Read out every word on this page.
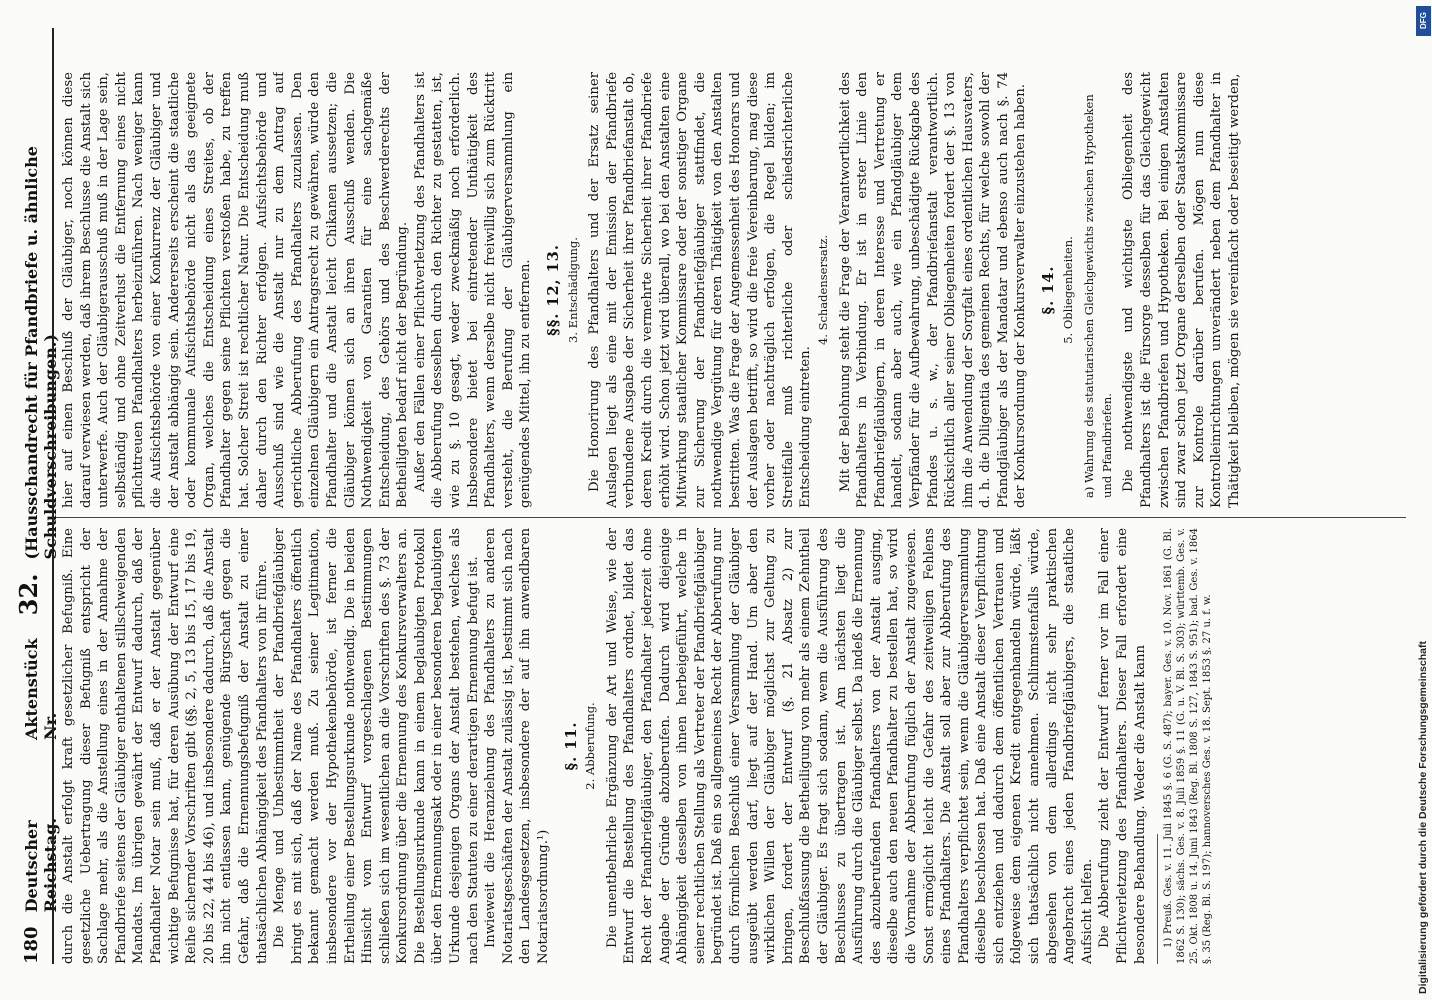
180
Deutscher Reichstag.
Aktenstück Nr.
32.
(Hausschandrecht für Pfandbriefe u. ähnliche Schuldverschreibungen.)

durch die Anstalt erfolgt kraft gesetzlicher Befugniß. Eine gesetzliche Uebertragung dieser Befugniß entspricht der Sachlage mehr, als die Anstellung eines in der Annahme der Pfandbriefe seitens der Gläubiger enthaltenen stillschweigenden Mandats. Im übrigen gewährt der Entwurf dadurch, daß der Pfandhalter Notar sein muß, daß er der Anstalt gegenüber wichtige Befugnisse hat, für deren Ausübung der Entwurf eine Reihe sichernder Vorschriften gibt (§§. 2, 5, 13 bis 15, 17 bis 19, 20 bis 22, 44 bis 46), und insbesondere dadurch, daß die Anstalt ihn nicht entlassen kann, genügende Bürgschaft gegen die Gefahr, daß die Ernennungsbefugniß der Anstalt zu einer thatsächlichen Abhängigkeit des Pfandhalters von ihr führe. Die Menge und Unbestimmtheit der Pfandbriefgläubiger bringt es mit sich, daß der Name des Pfandhalters öffentlich bekannt gemacht werden muß. Zu seiner Legitimation, insbesondere vor der Hypothekenbehörde, ist ferner die Ertheilung einer Bestellungsurkunde nothwendig. Die in beiden Hinsicht vom Entwurf vorgeschlagenen Bestimmungen schließen sich im wesentlichen an die Vorschriften des §. 73 der Konkursordnung über die Ernennung des Konkursverwalters an. Die Bestellungsurkunde kann in einem beglaubigten Protokoll über den Ernennungsakt oder in einer besonderen beglaubigten Urkunde desjenigen Organs der Anstalt bestehen, welches als nach den Statuten zu einer derartigen Ernennung befugt ist. Inwieweit die Heranziehung des Pfandhalters zu anderen Notariatsgeschäften der Anstalt zulässig ist, bestimmt sich nach den Landesgesetzen, insbesondere der auf ihn anwendbaren Notariatsordnung.¹)

§. 11. 2. Abberufung. Die unentbehrliche Ergänzung der Art und Weise, wie der Entwurf die Bestellung des Pfandhalters ordnet, bildet das Recht der Pfandbriefgläubiger, den Pfandhalter jederzeit ohne Angabe der Gründe abzuberufen. Dadurch wird diejenige Abhängigkeit desselben von ihnen herbeigeführt, welche in seiner rechtlichen Stellung als Vertreter der Pfandbriefgläubiger begründet ist. Daß ein so allgemeines Recht der Abberufung nur durch förmlichen Beschluß einer Versammlung der Gläubiger ausgeübt werden darf, liegt auf der Hand. Um aber den wirklichen Willen der Gläubiger möglichst zur Geltung zu bringen, fordert der Entwurf (§. 21 Absatz 2) zur Beschlußfassung die Betheiligung von mehr als einem Zehntheil der Gläubiger. Es fragt sich sodann, wem die Ausführung des Beschlusses zu übertragen ist. Am nächsten liegt die Ausführung durch die Gläubiger selbst. Da indeß die Ernennung des abzuberufenden Pfandhalters von der Anstalt ausging, dieselbe auch den neuen Pfandhalter zu bestellen hat, so wird die Vornahme der Abberufung füglich der Anstalt zugewiesen. Sonst ermöglicht leicht die Gefahr des zeitweiligen Fehlens eines Pfandhalters. Die Anstalt soll aber zur Abberufung des Pfandhalters verpflichtet sein, wenn die Gläubigerversammlung dieselbe beschlossen hat. Daß eine Anstalt dieser Verpflichtung sich entziehen und dadurch dem öffentlichen Vertrauen und folgeweise dem eigenen Kredit entgegenhandeln würde, läßt sich thatsächlich nicht annehmen. Schlimmstenfalls würde, abgesehen von dem allerdings nicht sehr praktischen Angebracht eines jeden Pfandbriefgläubigers, die staatliche Aufsicht helfen. Die Abberufung zieht der Entwurf ferner vor im Fall einer Pflichtverletzung des Pfandhalters. Dieser Fall erfordert eine besondere Behandlung. Weder die Anstalt kann 1) Preuß. Ges. v. 11. Juli 1845 §. 6 (G. S. 487); bayer. Ges. v. 10. Nov. 1861 (G. Bl. 1862 S. 130); sächs. Ges. v. 8. Juli 1859 §. 11 (G. u. V. Bl. S. 303); württemb. Ges. v. 25. Okt. 1808 u. 14. Juni 1843 (Reg. Bl. 1808 S. 127, 1843 S. 951); bad. Ges. v. 1864 §. 35 (Reg. Bl. S. 197); hannoversches Ges. v. 18. Sept. 1853 §. 27 u. f. w.

hier auf einen Beschluß der Gläubiger, noch können diese darauf verwiesen werden, daß ihrem Beschlusse die Anstalt sich unterwerfe. Auch der Gläubigerausschuß muß in der Lage sein, selbständig und ohne Zeitverlust die Entfernung eines nicht pflichttreuen Pfandhalters herbeizuführen. Nach weniger kann die Aufsichtsbehörde von einer Konkurrenz der Gläubiger und der Anstalt abhängig sein. Andererseits erscheint die staatliche oder kommunale Aufsichtsbehörde nicht als das geeignete Organ, welches die Entscheidung eines Streites, ob der Pfandhalter gegen seine Pflichten verstoßen habe, zu treffen hat. Solcher Streit ist rechtlicher Natur. Die Entscheidung muß daher durch den Richter erfolgen. Aufsichtsbehörde und Ausschuß sind wie die Anstalt nur zu dem Antrag auf gerichtliche Abberufung des Pfandhalters zuzulassen. Den einzelnen Gläubigern ein Antragsrecht zu gewähren, würde den Pfandhalter und die Anstalt leicht Chikanen aussetzen; die Gläubiger können sich an ihren Ausschuß wenden. Die Nothwendigkeit von Garantien für eine sachgemäße Entscheidung, des Gehörs und des Beschwerderechts der Betheiligten bedarf nicht der Begründung. Außer den Fällen einer Pflichtverletzung des Pfandhalters ist die Abberufung desselben durch den Richter zu gestatten, ist, wie zu §. 10 gesagt, weder zweckmäßig noch erforderlich. Insbesondere bietet bei eintretender Unthätigkeit des Pfandhalters, wenn derselbe nicht freiwillig sich zum Rücktritt versteht, die Berufung der Gläubigerversammlung ein genügendes Mittel, ihn zu entfernen. §§. 12, 13. 3. Entschädigung. Die Honorirung des Pfandhalters und der Ersatz seiner Auslagen liegt als eine mit der Emission der Pfandbriefe verbundene Ausgabe der Sicherheit ihrer Pfandbriefanstalt ob, deren Kredit durch die vermehrte Sicherheit ihrer Pfandbriefe erhöht wird. Schon jetzt wird überall, wo bei den Anstalten eine Mitwirkung staatlicher Kommissare oder der sonstiger Organe zur Sicherung der Pfandbriefgläubiger stattfindet, die nothwendige Vergütung für deren Thätigkeit von den Anstalten bestritten. Was die Frage der Angemessenheit des Honorars und der Auslagen betrifft, so wird die freie Vereinbarung, mag diese vorher oder nachträglich erfolgen, die Regel bilden; im Streitfalle muß richterliche oder schiedsrichterliche Entscheidung eintreten.

4. Schadensersatz. Mit der Belohnung steht die Frage der Verantwortlichkeit des Pfandhalters in Verbindung. Er ist in erster Linie den Pfandbriefgläubigern, in deren Interesse und Vertretung er handelt, sodann aber auch, wie ein Pfandgläubiger dem Verpfänder für die Aufbewahrung, unbeschädigte Rückgabe des Pfandes u. s. w., der Pfandbriefanstalt verantwortlich. Rücksichtlich aller seiner Obliegenheiten fordert der §. 13 von ihm die Anwendung der Sorgfalt eines ordentlichen Hausvaters, d. h. die Diligentia des gemeinen Rechts, für welche sowohl der Pfandgläubiger als der Mandatar und ebenso auch nach §. 74 der Konkursordnung der Konkursverwalter einzustehen haben. §. 14. 5. Obliegenheiten. a) Wahrung des statutarischen Gleichgewichts zwischen Hypotheken und Pfandbriefen. Die nothwendigste und wichtigste Obliegenheit des Pfandhalters ist die Fürsorge desselben für das Gleichgewicht zwischen Pfandbriefen und Hypotheken. Bei einigen Anstalten sind zwar schon jetzt Organe derselben oder Staatskommissare zur Kontrole darüber berufen. Mögen nun diese Kontrolleinrichtungen unverändert neben dem Pfandhalter in Thätigkeit bleiben, mögen sie vereinfacht oder beseitigt werden,

DFG
Digitalisierung gefördert durch die Deutsche Forschungsgemeinschaft
